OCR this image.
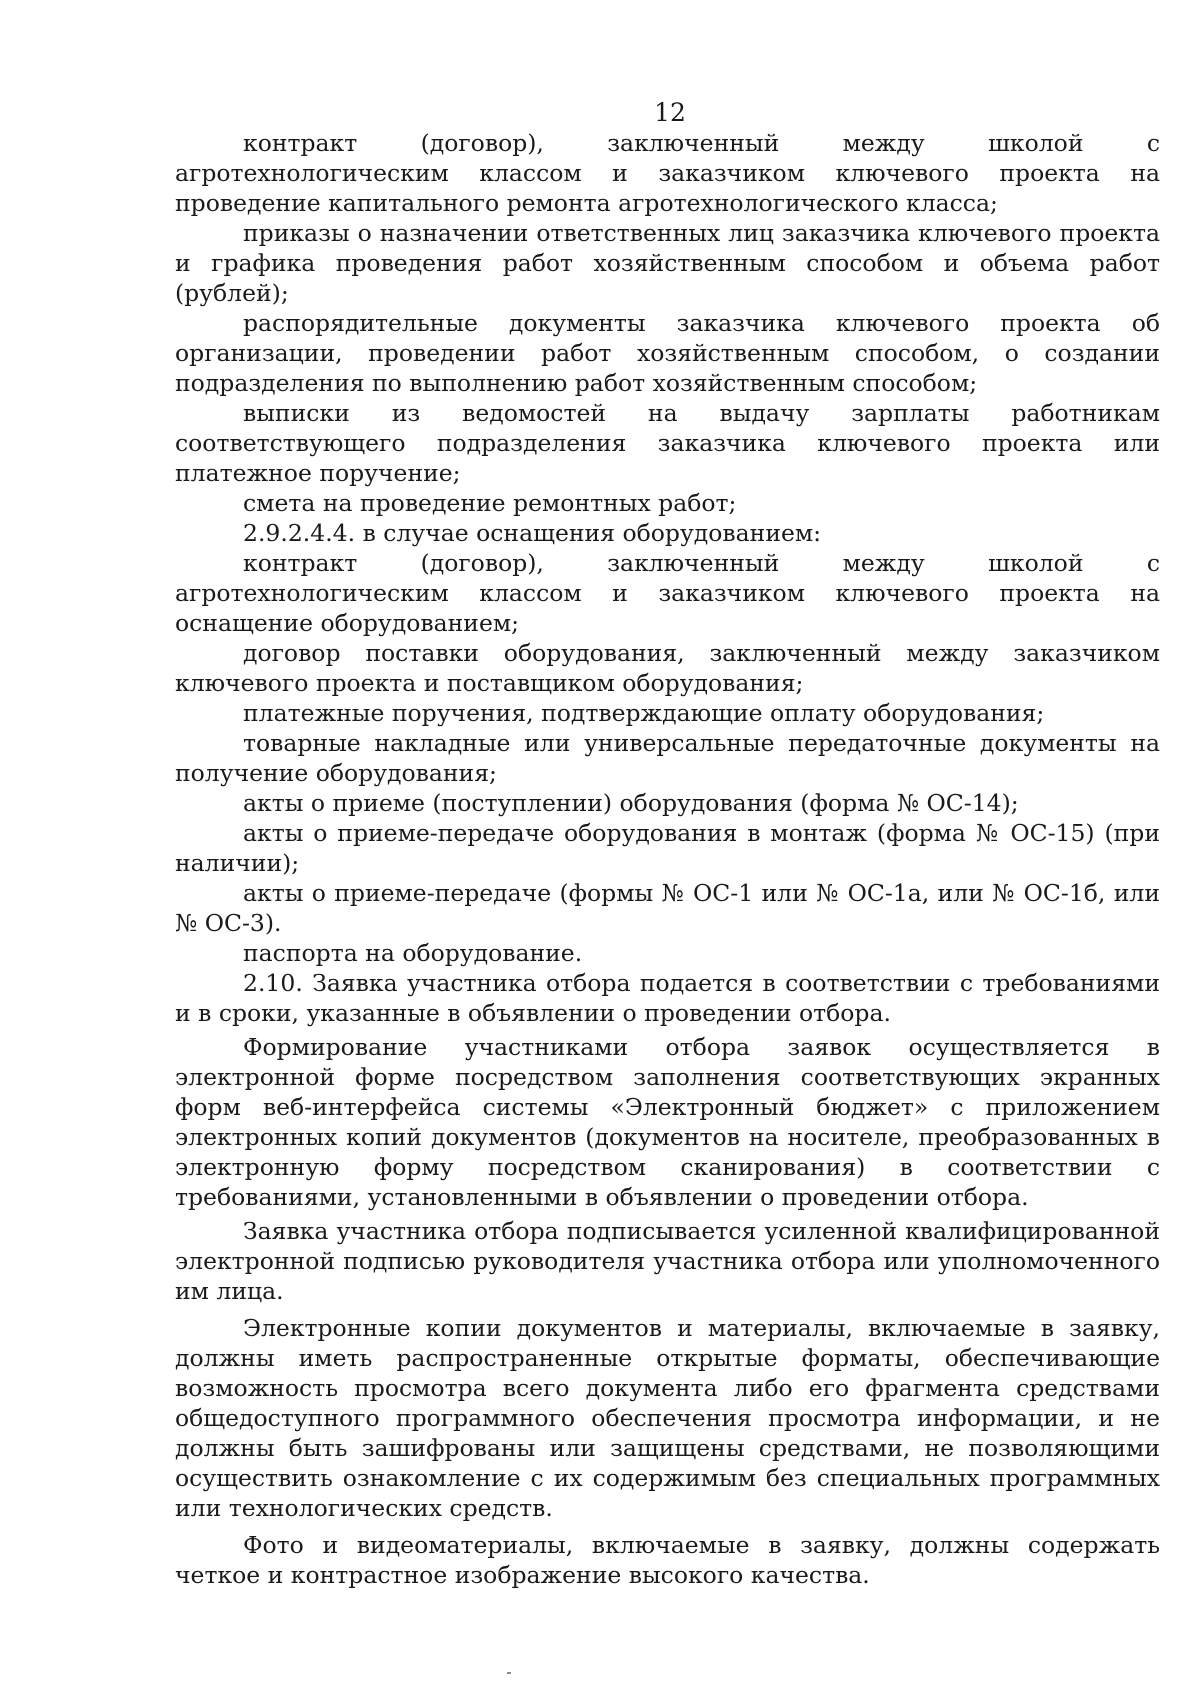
12

контракт (договор), заключенный между школой с агротехнологическим классом и заказчиком ключевого проекта на проведение капитального ремонта агротехнологического класса;

приказы о назначении ответственных лиц заказчика ключевого проекта и графика проведения работ хозяйственным способом и объема работ (рублей);

распорядительные документы заказчика ключевого проекта об организации, проведении работ хозяйственным способом, о создании подразделения по выполнению работ хозяйственным способом;

выписки из ведомостей на выдачу зарплаты работникам соответствующего подразделения заказчика ключевого проекта или платежное поручение;

смета на проведение ремонтных работ;

2.9.2.4.4. в случае оснащения оборудованием:

контракт (договор), заключенный между школой с агротехнологическим классом и заказчиком ключевого проекта на оснащение оборудованием;

договор поставки оборудования, заключенный между заказчиком ключевого проекта и поставщиком оборудования;

платежные поручения, подтверждающие оплату оборудования;

товарные накладные или универсальные передаточные документы на получение оборудования;

акты о приеме (поступлении) оборудования (форма № ОС-14);

акты о приеме-передаче оборудования в монтаж (форма № ОС-15) (при наличии);

акты о приеме-передаче (формы № ОС-1 или № ОС-1а, или № ОС-1б, или № ОС-3).

паспорта на оборудование.

2.10. Заявка участника отбора подается в соответствии с требованиями и в сроки, указанные в объявлении о проведении отбора.

Формирование участниками отбора заявок осуществляется в электронной форме посредством заполнения соответствующих экранных форм веб-интерфейса системы «Электронный бюджет» с приложением электронных копий документов (документов на носителе, преобразованных в электронную форму посредством сканирования) в соответствии с требованиями, установленными в объявлении о проведении отбора.

Заявка участника отбора подписывается усиленной квалифицированной электронной подписью руководителя участника отбора или уполномоченного им лица.

Электронные копии документов и материалы, включаемые в заявку, должны иметь распространенные открытые форматы, обеспечивающие возможность просмотра всего документа либо его фрагмента средствами общедоступного программного обеспечения просмотра информации, и не должны быть зашифрованы или защищены средствами, не позволяющими осуществить ознакомление с их содержимым без специальных программных или технологических средств.

Фото и видеоматериалы, включаемые в заявку, должны содержать четкое и контрастное изображение высокого качества.
